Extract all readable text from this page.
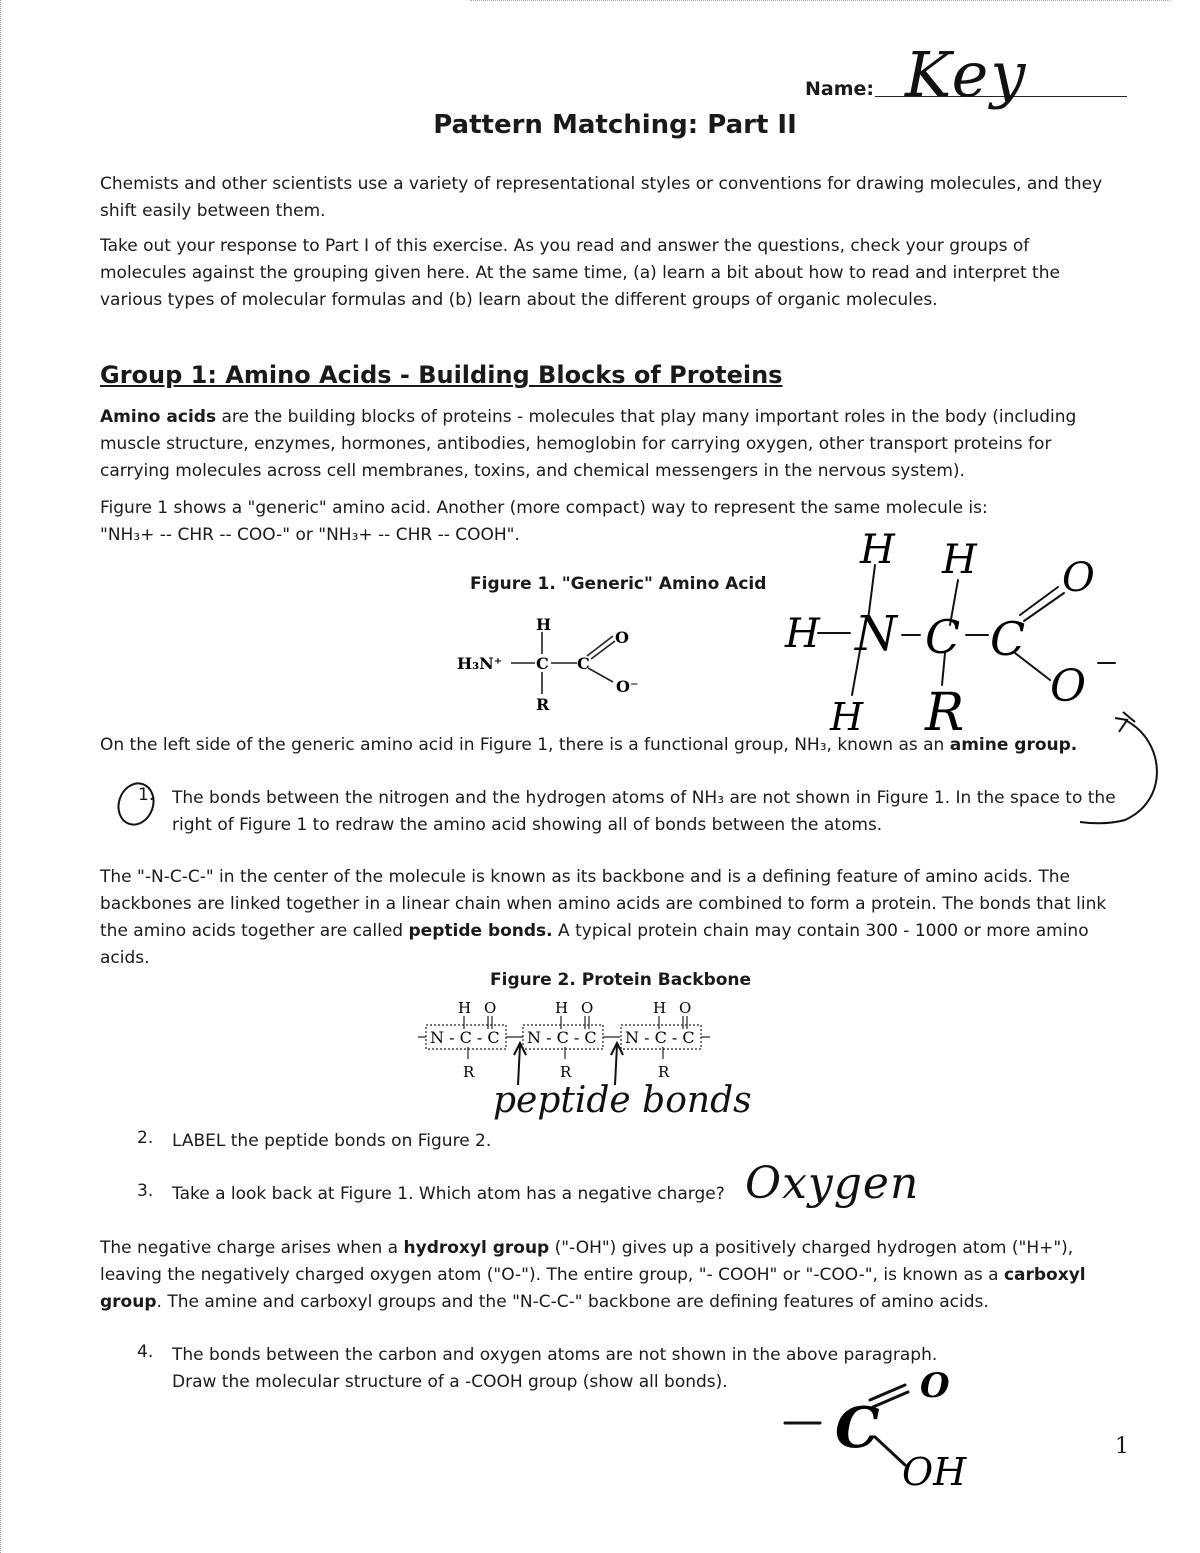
Name: Key
Pattern Matching: Part II

Chemists and other scientists use a variety of representational styles or conventions for drawing molecules, and they shift easily between them.

Take out your response to Part I of this exercise. As you read and answer the questions, check your groups of molecules against the grouping given here. At the same time, (a) learn a bit about how to read and interpret the various types of molecular formulas and (b) learn about the different groups of organic molecules.

Group 1: Amino Acids - Building Blocks of Proteins

Amino acids are the building blocks of proteins - molecules that play many important roles in the body (including muscle structure, enzymes, hormones, antibodies, hemoglobin for carrying oxygen, other transport proteins for carrying molecules across cell membranes, toxins, and chemical messengers in the nervous system).

Figure 1 shows a "generic" amino acid. Another (more compact) way to represent the same molecule is:

"NH₃+ -- CHR -- COO-" or "NH₃+ -- CHR -- COOH".

Figure 1. "Generic" Amino Acid
H
H₃N⁺ C C
O
O⁻
R
H H
H N C C
O
O
H R

On the left side of the generic amino acid in Figure 1, there is a functional group, NH₃, known as an amine group.

1. The bonds between the nitrogen and the hydrogen atoms of NH₃ are not shown in Figure 1. In the space to the right of Figure 1 to redraw the amino acid showing all of bonds between the atoms.

The "-N-C-C-" in the center of the molecule is known as its backbone and is a defining feature of amino acids. The backbones are linked together in a linear chain when amino acids are combined to form a protein. The bonds that link the amino acids together are called peptide bonds. A typical protein chain may contain 300 - 1000 or more amino acids.

Figure 2. Protein Backbone
N - C - C
H O
R
N - C - C
H O
R
N - C - C
H O
R
peptide bonds
2. LABEL the peptide bonds on Figure 2.

3. Take a look back at Figure 1. Which atom has a negative charge? Oxygen

The negative charge arises when a hydroxyl group ("-OH") gives up a positively charged hydrogen atom ("H+"), leaving the negatively charged oxygen atom ("O-"). The entire group, "- COOH" or "-COO-", is known as a carboxyl group. The amine and carboxyl groups and the "N-C-C-" backbone are defining features of amino acids.

4. The bonds between the carbon and oxygen atoms are not shown in the above paragraph.

Draw the molecular structure of a -COOH group (show all bonds).

C
O
OH
1
